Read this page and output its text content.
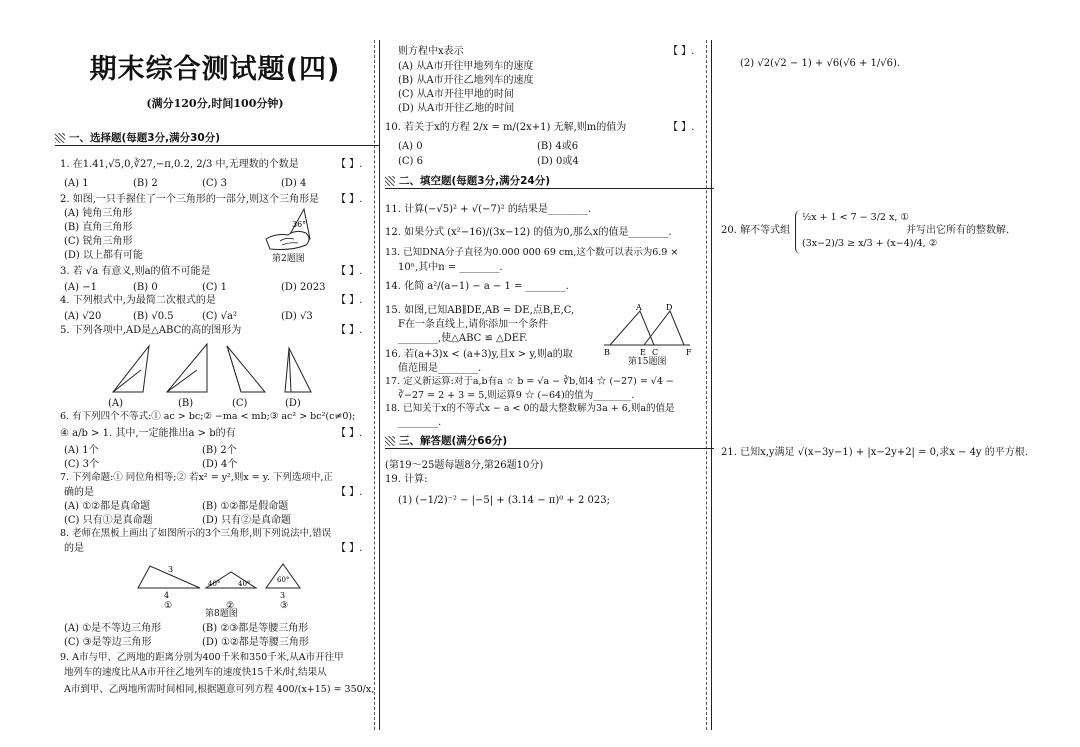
期末综合测试题(四)
(满分120分,时间100分钟)
一、选择题(每题3分,满分30分)
1. 在1.41,√5,0,∛27,−π,0.2, 2/3 中,无理数的个数是	【 】.
(A) 1	(B) 2	(C) 3	(D) 4
2. 如图,一只手握住了一个三角形的一部分,则这个三角形是 【 】.
(A) 钝角三角形
(B) 直角三角形
(C) 锐角三角形
(D) 以上都有可能
36°
第2题图
3. 若 √a 有意义,则a的值不可能是	【 】.
(A) −1	(B) 0	(C) 1	(D) 2023
4. 下列根式中,为最简二次根式的是	【 】.
(A) √20	(B) √0.5	(C) √a²	(D) √3
5. 下列各项中,AD是△ABC的高的图形为	【 】.
(A)	(B)	(C)	(D)
6. 有下列四个不等式:① ac > bc;② −ma < mb;③ ac² > bc²(c≠0);
④ a/b > 1. 其中,一定能推出a > b的有	【 】.
(A) 1个	(B) 2个
(C) 3个	(D) 4个
7. 下列命题:① 同位角相等;② 若x² = y²,则x = y. 下列选项中,正
确的是	【 】.
(A) ①②都是真命题	(B) ①②都是假命题
(C) 只有①是真命题	(D) 只有②是真命题
8. 老师在黑板上画出了如图所示的3个三角形,则下列说法中,错误
的是	【 】.
3
4
①
40°	40°
②
60°
3
③
第8题图
(A) ①是不等边三角形	(B) ②③都是等腰三角形
(C) ③是等边三角形	(D) ①②都是等腰三角形
9. A市与甲、乙两地的距离分别为400千米和350千米,从A市开往甲
地列车的速度比从A市开往乙地列车的速度快15千米/时,结果从
A市到甲、乙两地所需时间相同,根据题意可列方程 400/(x+15) = 350/x,
则方程中x表示	【 】.
(A) 从A市开往甲地列车的速度
(B) 从A市开往乙地列车的速度
(C) 从A市开往甲地的时间
(D) 从A市开往乙地的时间
10. 若关于x的方程 2/x = m/(2x+1) 无解,则m的值为	【 】.
(A) 0	(B) 4或6
(C) 6	(D) 0或4
二、填空题(每题3分,满分24分)
11. 计算(−√5)² + √(−7)² 的结果是________.
12. 如果分式 (x²−16)/(3x−12) 的值为0,那么x的值是________.
13. 已知DNA分子直径为0.000 000 69 cm,这个数可以表示为6.9 ×
10ⁿ,其中n = ________.
14. 化简 a²/(a−1) − a − 1 = ________.
15. 如图,已知AB∥DE,AB = DE,点B,E,C,
F在一条直线上,请你添加一个条件
________,使△ABC ≌ △DEF.
A	D
B	E C	F
第15题图
16. 若(a+3)x < (a+3)y,且x > y,则a的取
值范围是________.
17. 定义新运算:对于a,b有a ☆ b = √a − ∛b,如4 ☆ (−27) = √4 −
∛−27 = 2 + 3 = 5,则运算9 ☆ (−64)的值为________.
18. 已知关于x的不等式x − a < 0的最大整数解为3a + 6,则a的值是
________.
三、解答题(满分66分)
(第19～25题每题8分,第26题10分)
19. 计算:
(1) (−1/2)⁻² − |−5| + (3.14 − π)⁰ + 2 023;
(2) √2(√2 − 1) + √6(√6 + 1/√6).
20. 解不等式组
½x + 1 < 7 − 3/2 x, ①
(3x−2)/3 ≥ x/3 + (x−4)/4, ②
并写出它所有的整数解.
21. 已知x,y满足 √(x−3y−1) + |x−2y+2| = 0,求x − 4y 的平方根.
